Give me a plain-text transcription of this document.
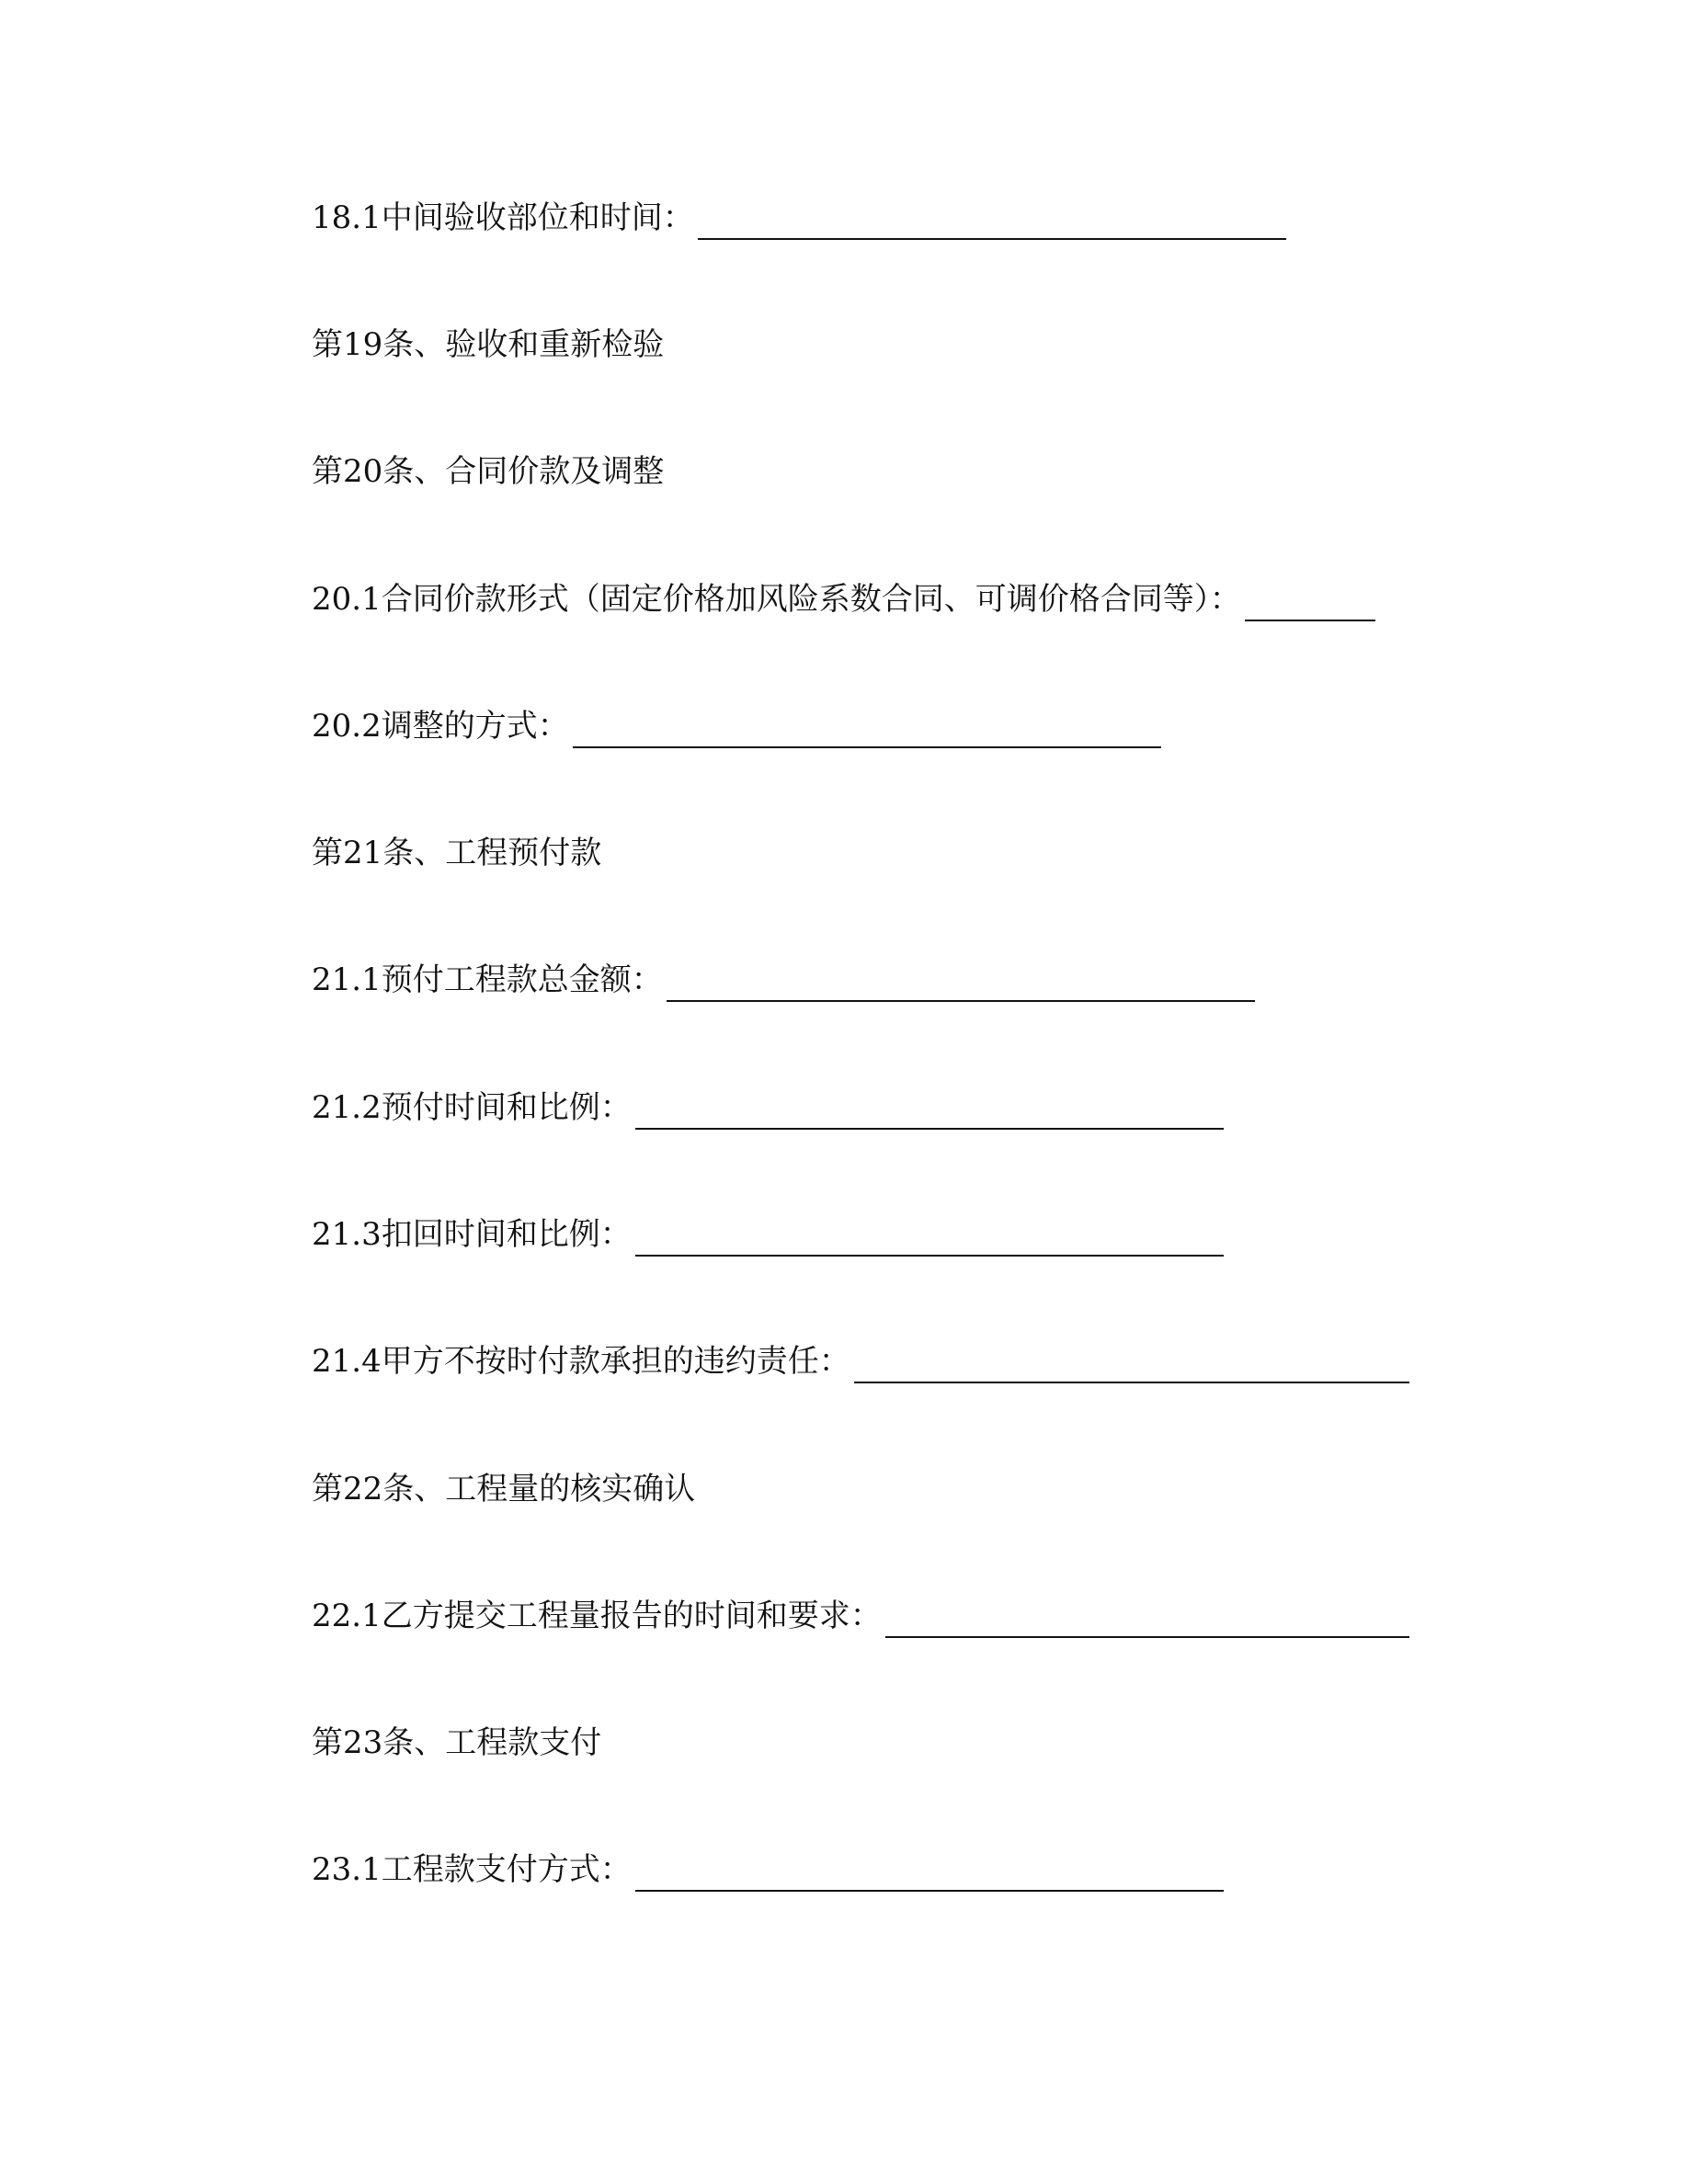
18.1中间验收部位和时间：
第19条、验收和重新检验
第20条、合同价款及调整
20.1合同价款形式（固定价格加风险系数合同、可调价格合同等）：
20.2调整的方式：
第21条、工程预付款
21.1预付工程款总金额：
21.2预付时间和比例：
21.3扣回时间和比例：
21.4甲方不按时付款承担的违约责任：
第22条、工程量的核实确认
22.1乙方提交工程量报告的时间和要求：
第23条、工程款支付
23.1工程款支付方式：
